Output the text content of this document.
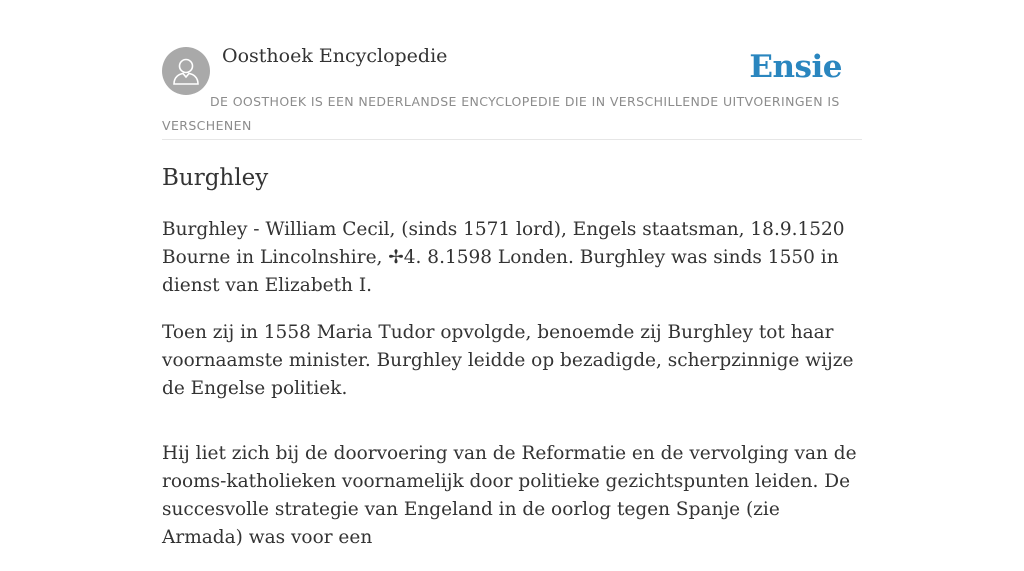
Oosthoek Encyclopedie	Ensie

DE OOSTHOEK IS EEN NEDERLANDSE ENCYCLOPEDIE DIE IN VERSCHILLENDE UITVOERINGEN IS VERSCHENEN

Burghley

Burghley - William Cecil, (sinds 1571 lord), Engels staatsman, 18.9.1520 Bourne in Lincolnshire, ✢4. 8.1598 Londen. Burghley was sinds 1550 in dienst van Elizabeth I.

Toen zij in 1558 Maria Tudor opvolgde, benoemde zij Burghley tot haar voornaamste minister. Burghley leidde op bezadigde, scherpzinnige wijze de Engelse politiek.

Hij liet zich bij de doorvoering van de Reformatie en de vervolging van de rooms-katholieken voornamelijk door politieke gezichtspunten leiden. De succesvolle strategie van Engeland in de oorlog tegen Spanje (zie Armada) was voor een
